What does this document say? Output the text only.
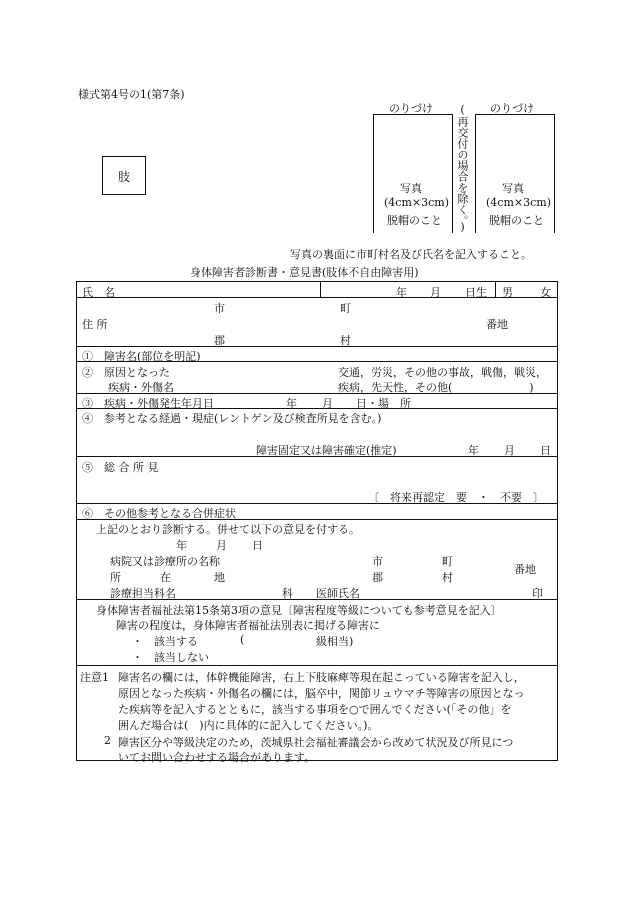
様式第4号の1(第7条)
肢
のりづけ	のりづけ
(再交付の場合を除く。)
写真
(4cm×3cm)
脱帽のこと
写真
(4cm×3cm)
脱帽のこと
写真の裏面に市町村名及び氏名を記入すること。
身体障害者診断書・意見書(肢体不自由障害用)
氏　名	年 月 日生 男 女
市	町
住 所	番地
郡	村
①　障害名(部位を明記)
②　原因となった
疾病・外傷名
交通，労災，その他の事故，戦傷，戦災，
疾病，先天性，その他(　　　　　　　)
③　疾病・外傷発生年月日	年 月 日・場　所
④　参考となる経過・現症(レントゲン及び検査所見を含む。)
障害固定又は障害確定(推定)	年 月 日
⑤　総 合 所 見
〔　将来再認定　要　・　不要　〕
⑥　その他参考となる合併症状
上記のとおり診断する。併せて以下の意見を付する。
年	月 日
病院又は診療所の名称	市	町
所	在	地	郡	村
番地
診療担当科名	科 医師氏名	印
身体障害者福祉法第15条第3項の意見〔障害程度等級についても参考意見を記入〕
障害の程度は，身体障害者福祉法別表に掲げる障害に
・ 該当する	(	級相当)
・ 該当しない
注意1 障害名の欄には，体幹機能障害，右上下肢麻痺等現在起こっている障害を記入し，
原因となった疾病・外傷名の欄には，脳卒中，関節リュウマチ等障害の原因となっ
た疾病等を記入するとともに，該当する事項を○で囲んでください(「その他」を
囲んだ場合は(　)内に具体的に記入してください。)。
2 障害区分や等級決定のため，茨城県社会福祉審議会から改めて状況及び所見につ
いてお問い合わせする場合があります。
